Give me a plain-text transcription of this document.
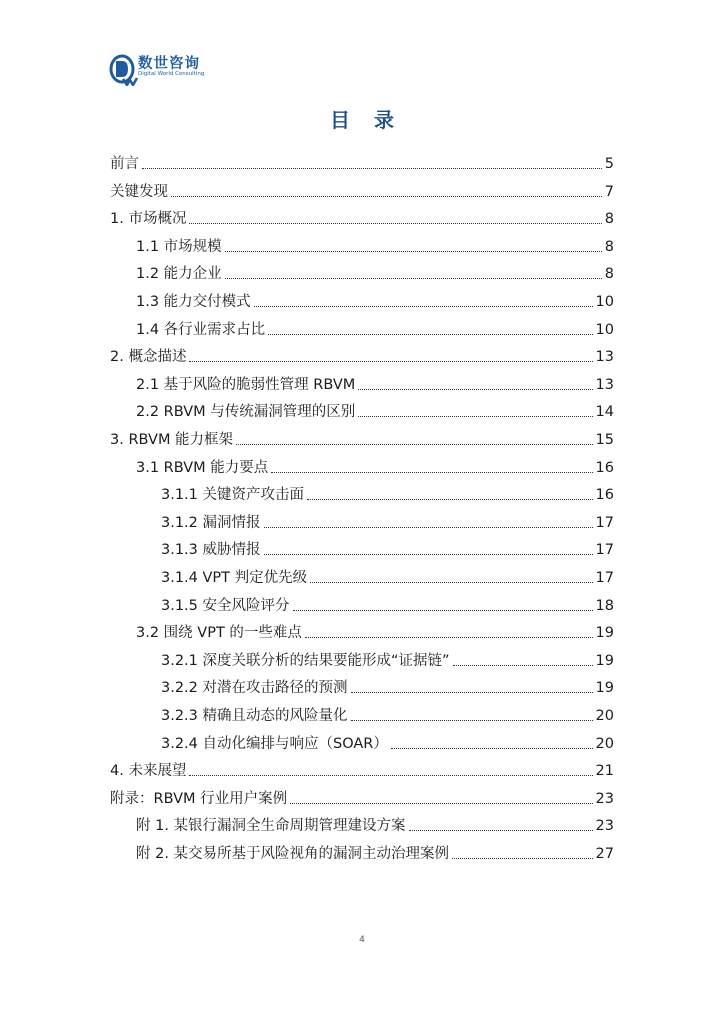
数世咨询
Digital World Consulting
目录
前言	5
关键发现	7
1. 市场概况	8
1.1 市场规模	8
1.2 能力企业	8
1.3 能力交付模式	10
1.4 各行业需求占比	10
2. 概念描述	13
2.1 基于风险的脆弱性管理 RBVM	13
2.2 RBVM 与传统漏洞管理的区别	14
3. RBVM 能力框架	15
3.1 RBVM 能力要点	16
3.1.1 关键资产攻击面	16
3.1.2 漏洞情报	17
3.1.3 威胁情报	17
3.1.4 VPT 判定优先级	17
3.1.5 安全风险评分	18
3.2 围绕 VPT 的一些难点	19
3.2.1 深度关联分析的结果要能形成“证据链”	19
3.2.2 对潜在攻击路径的预测	19
3.2.3 精确且动态的风险量化	20
3.2.4 自动化编排与响应（SOAR）	20
4. 未来展望	21
附录：RBVM 行业用户案例	23
附 1. 某银行漏洞全生命周期管理建设方案	23
附 2. 某交易所基于风险视角的漏洞主动治理案例	27
4
